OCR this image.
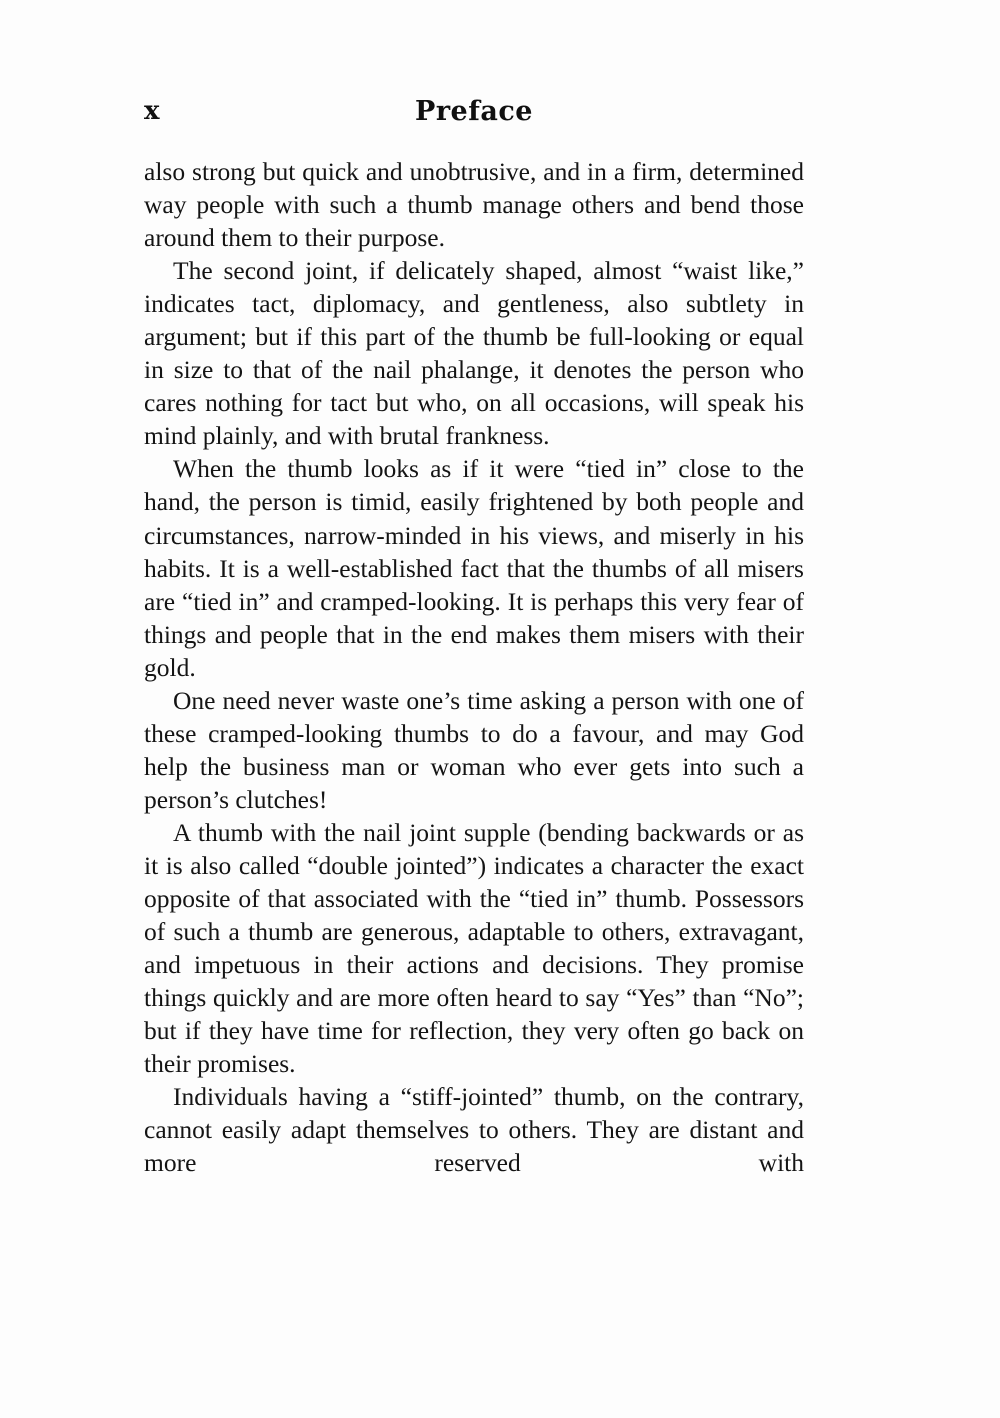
x	Preface

also strong but quick and unobtrusive, and in a firm, determined way people with such a thumb manage others and bend those around them to their purpose.

The second joint, if delicately shaped, almost “waist like,” indicates tact, diplomacy, and gentleness, also subtlety in argument; but if this part of the thumb be full-looking or equal in size to that of the nail phalange, it denotes the person who cares nothing for tact but who, on all occasions, will speak his mind plainly, and with brutal frankness.

When the thumb looks as if it were “tied in” close to the hand, the person is timid, easily frightened by both people and circumstances, narrow-minded in his views, and miserly in his habits. It is a well-established fact that the thumbs of all misers are “tied in” and cramped-looking. It is perhaps this very fear of things and people that in the end makes them misers with their gold.

One need never waste one’s time asking a person with one of these cramped-looking thumbs to do a favour, and may God help the business man or woman who ever gets into such a person’s clutches!

A thumb with the nail joint supple (bending backwards or as it is also called “double jointed”) indicates a character the exact opposite of that associated with the “tied in” thumb. Possessors of such a thumb are generous, adaptable to others, extravagant, and impetuous in their actions and decisions. They promise things quickly and are more often heard to say “Yes” than “No”; but if they have time for reflection, they very often go back on their promises.

Individuals having a “stiff-jointed” thumb, on the contrary, cannot easily adapt themselves to others. They are distant and more reserved with
